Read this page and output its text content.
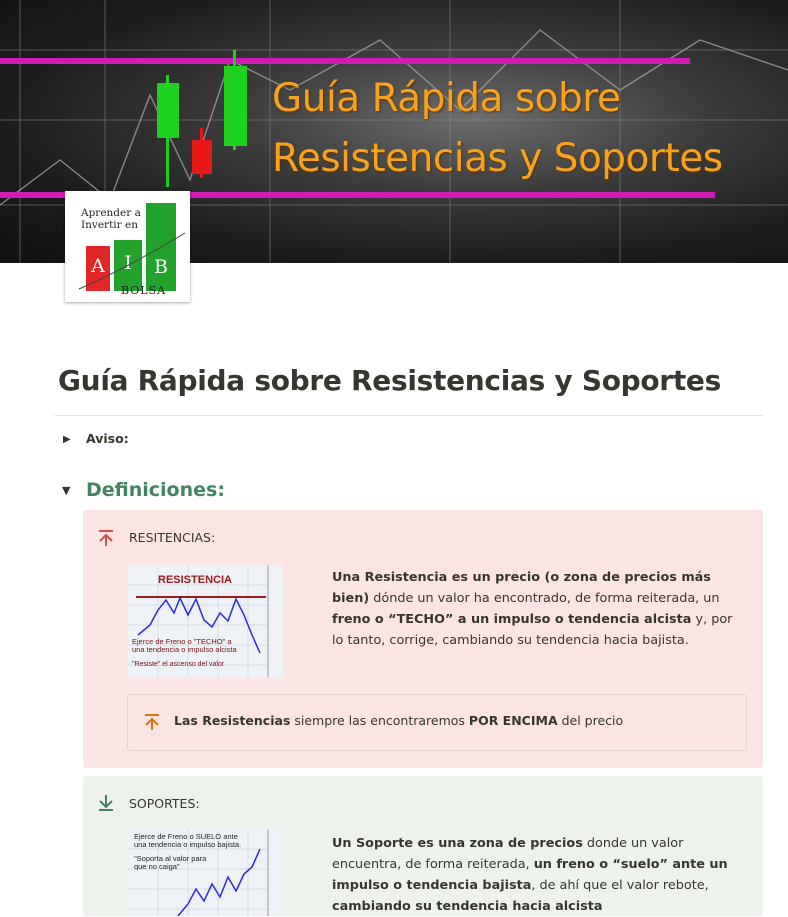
Guía Rápida sobre
Resistencias y Soportes
Aprender a
Invertir en
A	I	B
BOLSA
Guía Rápida sobre Resistencias y Soportes
▶ Aviso:
▼ Definiciones:
RESITENCIAS:
RESISTENCIA
Ejerce de Freno o "TECHO" a
una tendencia o impulso alcista
"Resiste" el ascenso del valor
Una Resistencia es un precio (o zona de precios más bien) dónde un valor ha encontrado, de forma reiterada, un freno o “TECHO” a un impulso o tendencia alcista y, por lo tanto, corrige, cambiando su tendencia hacia bajista.
Las Resistencias siempre las encontraremos POR ENCIMA del precio
SOPORTES:
Ejerce de Freno o SUELO ante
una tendencia o impulso bajista.
"Soporta al valor para
que no caiga"
Un Soporte es una zona de precios donde un valor encuentra, de forma reiterada, un freno o “suelo” ante un impulso o tendencia bajista, de ahí que el valor rebote, cambiando su tendencia hacia alcista
